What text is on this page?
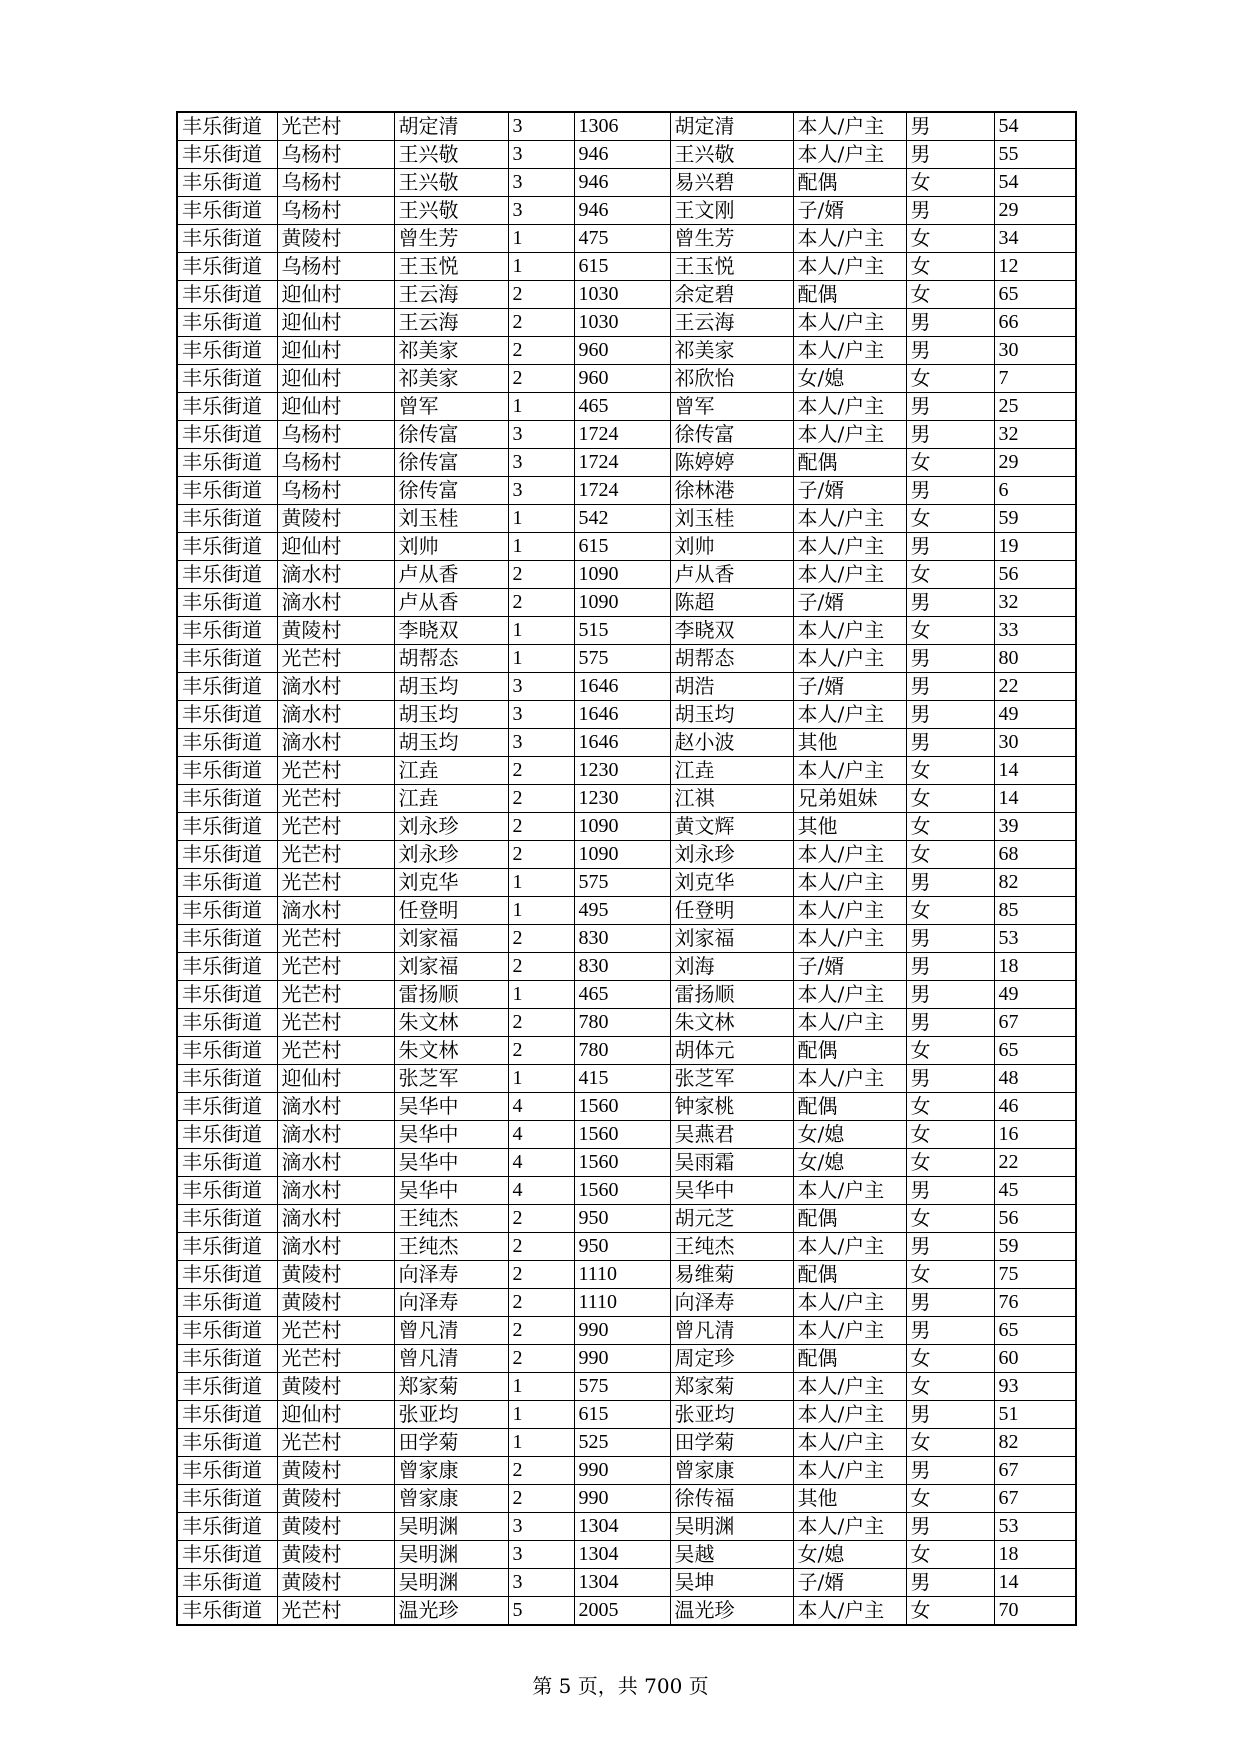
丰乐街道	光芒村	胡定清	3	1306	胡定清	本人/户主	男	54
丰乐街道	乌杨村	王兴敬	3	946	王兴敬	本人/户主	男	55
丰乐街道	乌杨村	王兴敬	3	946	易兴碧	配偶	女	54
丰乐街道	乌杨村	王兴敬	3	946	王文刚	子/婿	男	29
丰乐街道	黄陵村	曾生芳	1	475	曾生芳	本人/户主	女	34
丰乐街道	乌杨村	王玉悦	1	615	王玉悦	本人/户主	女	12
丰乐街道	迎仙村	王云海	2	1030	余定碧	配偶	女	65
丰乐街道	迎仙村	王云海	2	1030	王云海	本人/户主	男	66
丰乐街道	迎仙村	祁美家	2	960	祁美家	本人/户主	男	30
丰乐街道	迎仙村	祁美家	2	960	祁欣怡	女/媳	女	7
丰乐街道	迎仙村	曾军	1	465	曾军	本人/户主	男	25
丰乐街道	乌杨村	徐传富	3	1724	徐传富	本人/户主	男	32
丰乐街道	乌杨村	徐传富	3	1724	陈婷婷	配偶	女	29
丰乐街道	乌杨村	徐传富	3	1724	徐林港	子/婿	男	6
丰乐街道	黄陵村	刘玉桂	1	542	刘玉桂	本人/户主	女	59
丰乐街道	迎仙村	刘帅	1	615	刘帅	本人/户主	男	19
丰乐街道	滴水村	卢从香	2	1090	卢从香	本人/户主	女	56
丰乐街道	滴水村	卢从香	2	1090	陈超	子/婿	男	32
丰乐街道	黄陵村	李晓双	1	515	李晓双	本人/户主	女	33
丰乐街道	光芒村	胡帮态	1	575	胡帮态	本人/户主	男	80
丰乐街道	滴水村	胡玉均	3	1646	胡浩	子/婿	男	22
丰乐街道	滴水村	胡玉均	3	1646	胡玉均	本人/户主	男	49
丰乐街道	滴水村	胡玉均	3	1646	赵小波	其他	男	30
丰乐街道	光芒村	江垚	2	1230	江垚	本人/户主	女	14
丰乐街道	光芒村	江垚	2	1230	江祺	兄弟姐妹	女	14
丰乐街道	光芒村	刘永珍	2	1090	黄文辉	其他	女	39
丰乐街道	光芒村	刘永珍	2	1090	刘永珍	本人/户主	女	68
丰乐街道	光芒村	刘克华	1	575	刘克华	本人/户主	男	82
丰乐街道	滴水村	任登明	1	495	任登明	本人/户主	女	85
丰乐街道	光芒村	刘家福	2	830	刘家福	本人/户主	男	53
丰乐街道	光芒村	刘家福	2	830	刘海	子/婿	男	18
丰乐街道	光芒村	雷扬顺	1	465	雷扬顺	本人/户主	男	49
丰乐街道	光芒村	朱文林	2	780	朱文林	本人/户主	男	67
丰乐街道	光芒村	朱文林	2	780	胡体元	配偶	女	65
丰乐街道	迎仙村	张芝军	1	415	张芝军	本人/户主	男	48
丰乐街道	滴水村	吴华中	4	1560	钟家桃	配偶	女	46
丰乐街道	滴水村	吴华中	4	1560	吴燕君	女/媳	女	16
丰乐街道	滴水村	吴华中	4	1560	吴雨霜	女/媳	女	22
丰乐街道	滴水村	吴华中	4	1560	吴华中	本人/户主	男	45
丰乐街道	滴水村	王纯杰	2	950	胡元芝	配偶	女	56
丰乐街道	滴水村	王纯杰	2	950	王纯杰	本人/户主	男	59
丰乐街道	黄陵村	向泽寿	2	1110	易维菊	配偶	女	75
丰乐街道	黄陵村	向泽寿	2	1110	向泽寿	本人/户主	男	76
丰乐街道	光芒村	曾凡清	2	990	曾凡清	本人/户主	男	65
丰乐街道	光芒村	曾凡清	2	990	周定珍	配偶	女	60
丰乐街道	黄陵村	郑家菊	1	575	郑家菊	本人/户主	女	93
丰乐街道	迎仙村	张亚均	1	615	张亚均	本人/户主	男	51
丰乐街道	光芒村	田学菊	1	525	田学菊	本人/户主	女	82
丰乐街道	黄陵村	曾家康	2	990	曾家康	本人/户主	男	67
丰乐街道	黄陵村	曾家康	2	990	徐传福	其他	女	67
丰乐街道	黄陵村	吴明渊	3	1304	吴明渊	本人/户主	男	53
丰乐街道	黄陵村	吴明渊	3	1304	吴越	女/媳	女	18
丰乐街道	黄陵村	吴明渊	3	1304	吴坤	子/婿	男	14
丰乐街道	光芒村	温光珍	5	2005	温光珍	本人/户主	女	70
第 5 页，共 700 页
